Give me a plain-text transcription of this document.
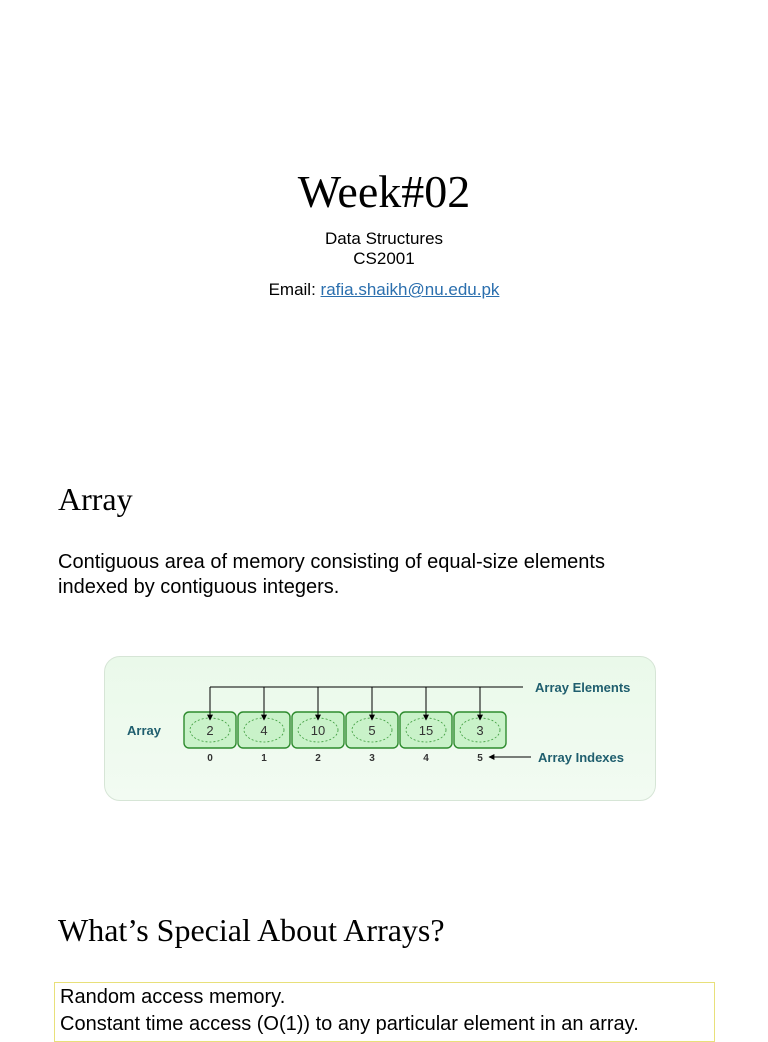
Week#02
Data Structures
CS2001
Email: rafia.shaikh@nu.edu.pk
Array
Contiguous area of memory consisting of equal-size elements
indexed by contiguous integers.
2
0
4
1
10
2
5
3
15
4
3
5
Array
Array Elements
Array Indexes
What’s Special About Arrays?
Random access memory.
Constant time access (O(1)) to any particular element in an array.
